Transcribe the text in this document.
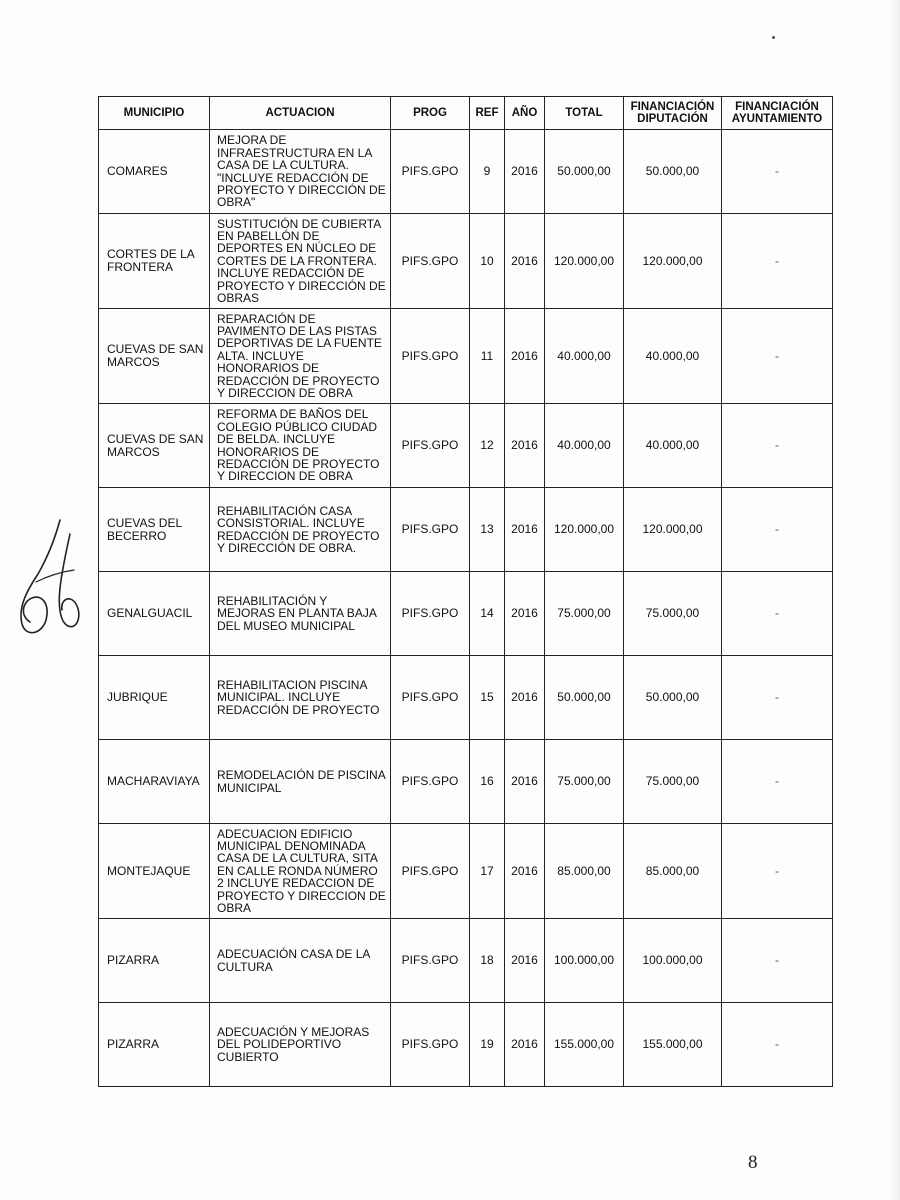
MUNICIPIO	ACTUACION	PROG	REF	AÑO	TOTAL	FINANCIACIÓN DIPUTACIÓN	FINANCIACIÓN AYUNTAMIENTO
COMARES	MEJORA DE INFRAESTRUCTURA EN LA CASA DE LA CULTURA. "INCLUYE REDACCIÓN DE PROYECTO Y DIRECCIÓN DE OBRA"	PIFS.GPO	9	2016	50.000,00	50.000,00	-
CORTES DE LA FRONTERA	SUSTITUCIÓN DE CUBIERTA EN PABELLÓN DE DEPORTES EN NÚCLEO DE CORTES DE LA FRONTERA. INCLUYE REDACCIÓN DE PROYECTO Y DIRECCIÓN DE OBRAS	PIFS.GPO	10	2016	120.000,00	120.000,00	-
CUEVAS DE SAN MARCOS	REPARACIÓN DE PAVIMENTO DE LAS PISTAS DEPORTIVAS DE LA FUENTE ALTA. INCLUYE HONORARIOS DE REDACCIÓN DE PROYECTO Y DIRECCION DE OBRA	PIFS.GPO	11	2016	40.000,00	40.000,00	-
CUEVAS DE SAN MARCOS	REFORMA DE BAÑOS DEL COLEGIO PÚBLICO CIUDAD DE BELDA. INCLUYE HONORARIOS DE REDACCIÓN DE PROYECTO Y DIRECCION DE OBRA	PIFS.GPO	12	2016	40.000,00	40.000,00	-
CUEVAS DEL BECERRO	REHABILITACIÓN CASA CONSISTORIAL. INCLUYE REDACCIÓN DE PROYECTO Y DIRECCIÓN DE OBRA.	PIFS.GPO	13	2016	120.000,00	120.000,00	-
GENALGUACIL	REHABILITACIÓN Y MEJORAS EN PLANTA BAJA DEL MUSEO MUNICIPAL	PIFS.GPO	14	2016	75.000,00	75.000,00	-
JUBRIQUE	REHABILITACION PISCINA MUNICIPAL. INCLUYE REDACCIÓN DE PROYECTO	PIFS.GPO	15	2016	50.000,00	50.000,00	-
MACHARAVIAYA	REMODELACIÓN DE PISCINA MUNICIPAL	PIFS.GPO	16	2016	75.000,00	75.000,00	-
MONTEJAQUE	ADECUACION EDIFICIO MUNICIPAL DENOMINADA CASA DE LA CULTURA, SITA EN CALLE RONDA NÚMERO 2 INCLUYE REDACCION DE PROYECTO Y DIRECCION DE OBRA	PIFS.GPO	17	2016	85.000,00	85.000,00	-
PIZARRA	ADECUACIÓN CASA DE LA CULTURA	PIFS.GPO	18	2016	100.000,00	100.000,00	-
PIZARRA	ADECUACIÓN Y MEJORAS DEL POLIDEPORTIVO CUBIERTO	PIFS.GPO	19	2016	155.000,00	155.000,00	-
8
